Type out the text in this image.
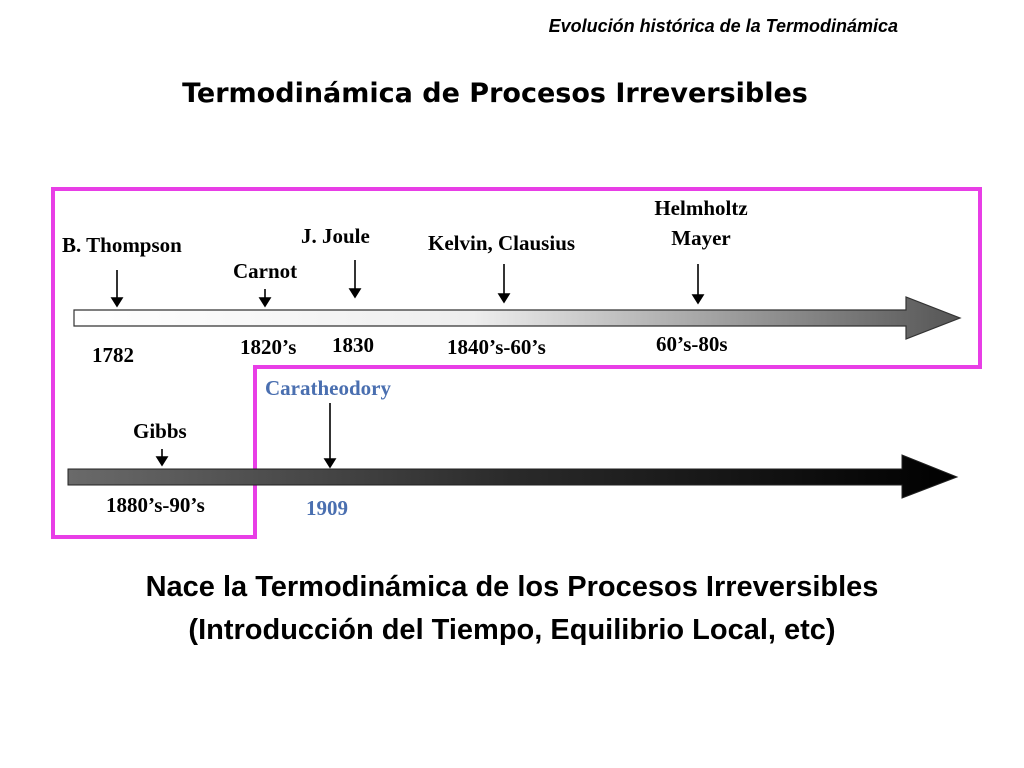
Evolución histórica de la Termodinámica
Termodinámica de Procesos Irreversibles
B. Thompson
1782
Carnot
1820’s
J. Joule
1830
Kelvin, Clausius
1840’s-60’s
Helmholtz
Mayer
60’s-80s
Gibbs
1880’s-90’s
Caratheodory
1909
Nace la Termodinámica de los Procesos Irreversibles
(Introducción del Tiempo, Equilibrio Local, etc)
